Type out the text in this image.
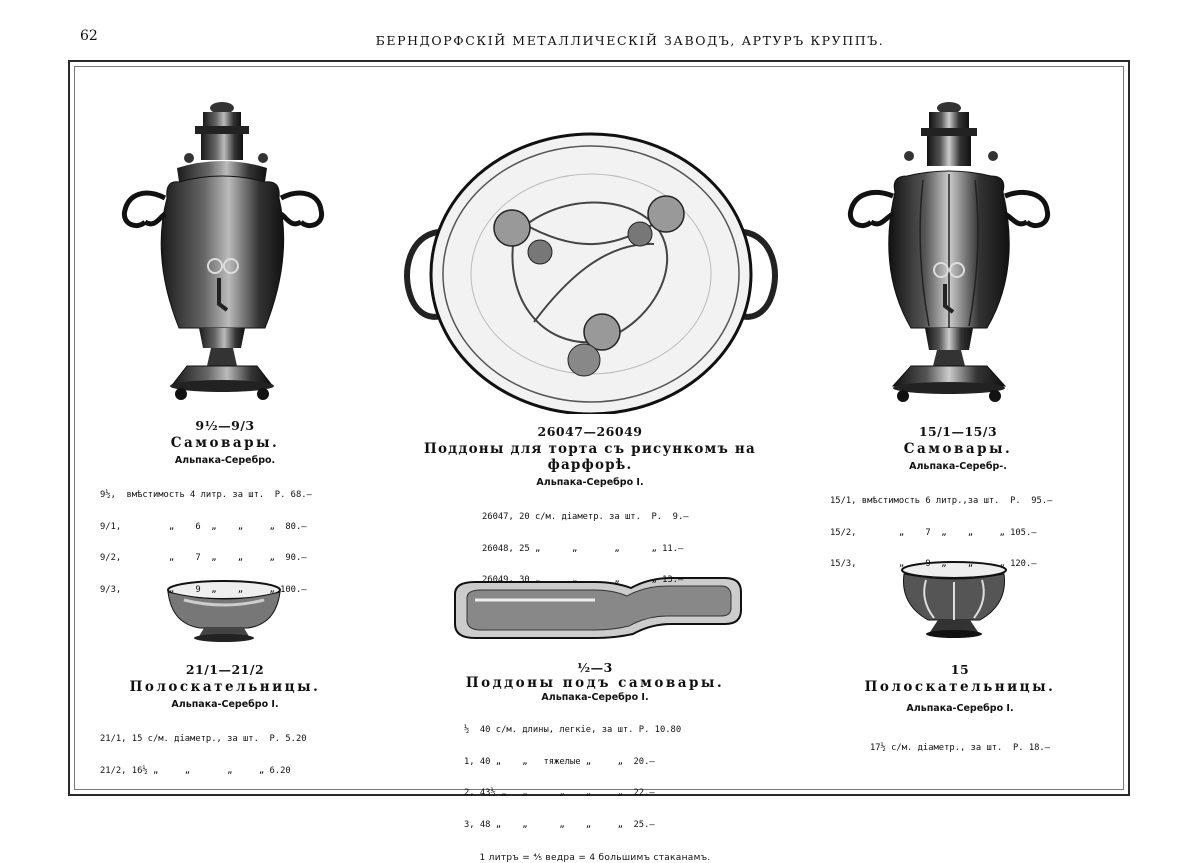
62	БЕРНДОРФСКІЙ МЕТАЛЛИЧЕСКІЙ ЗАВОДЪ, АРТУРЪ КРУППЪ.
9½—9/3
Самовары.
Альпака-Серебро.

9½,  вмѣстимость 4 литр. за шт.  Р. 68.—

9/1,         „    6  „    „     „  80.—

9/2,         „    7  „    „     „  90.—

9/3,         „    9  „    „     „ 100.—

26047—26049
Поддоны для торта съ рисункомъ на фарфорѣ.
Альпака-Серебро I.

26047, 20 с/м. діаметр. за шт.  Р.  9.—

26048, 25 „      „       „      „ 11.—

26049, 30 „      „       „      „ 13.—

15/1—15/3
Самовары.
Альпака-Серебр-.

15/1, вмѣстимость 6 литр.,за шт.  Р.  95.—

15/2,        „    7  „    „     „ 105.—

15/3,        „    9  „    „     „ 120.—

21/1—21/2
Полоскательницы.
Альпака-Серебро I.

21/1, 15 с/м. діаметр., за шт.  Р. 5.20

21/2, 16½ „     „       „     „ 6.20

½—3
Поддоны подъ самовары.
Альпака-Серебро I.

½  40 с/м. длины, легкіе, за шт. Р. 10.80

1, 40 „    „   тяжелые „     „  20.—

2, 43½ „   „      „    „     „  22.—

3, 48 „    „      „    „     „  25.—

1 литръ = ⅘ ведра = 4 большимъ стаканамъ.
15
Полоскательницы.
Альпака-Серебро I.

17½ с/м. діаметр., за шт.  Р. 18.—
